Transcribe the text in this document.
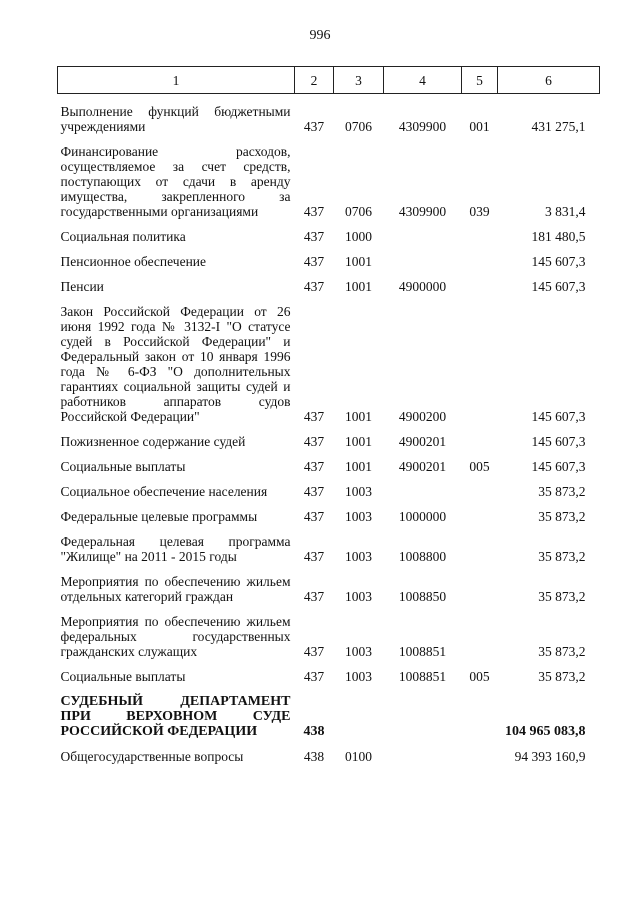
996
1	2	3	4	5	6

Выполнение функций бюджетными учреждениями	437	0706	4309900	001	431 275,1

Финансирование расходов, осуществляемое за счет средств, поступающих от сдачи в аренду имущества, закрепленного за государственными организациями	437	0706	4309900	039	3 831,4

Социальная политика	437	1000			181 480,5

Пенсионное обеспечение	437	1001			145 607,3

Пенсии	437	1001	4900000		145 607,3

Закон Российской Федерации от 26 июня 1992 года № 3132-I "О статусе судей в Российской Федерации" и Федеральный закон от 10 января 1996 года № 6-ФЗ "О дополнительных гарантиях социальной защиты судей и работников аппаратов судов Российской Федерации"	437	1001	4900200		145 607,3

Пожизненное содержание судей	437	1001	4900201		145 607,3

Социальные выплаты	437	1001	4900201	005	145 607,3

Социальное обеспечение населения	437	1003			35 873,2

Федеральные целевые программы	437	1003	1000000		35 873,2

Федеральная целевая программа "Жилище" на 2011 - 2015 годы	437	1003	1008800		35 873,2

Мероприятия по обеспечению жильем отдельных категорий граждан	437	1003	1008850		35 873,2

Мероприятия по обеспечению жильем федеральных государственных гражданских служащих	437	1003	1008851		35 873,2

Социальные выплаты	437	1003	1008851	005	35 873,2

СУДЕБНЫЙ ДЕПАРТАМЕНТ ПРИ ВЕРХОВНОМ СУДЕ РОССИЙСКОЙ ФЕДЕРАЦИИ	438				104 965 083,8

Общегосударственные вопросы	438	0100			94 393 160,9
